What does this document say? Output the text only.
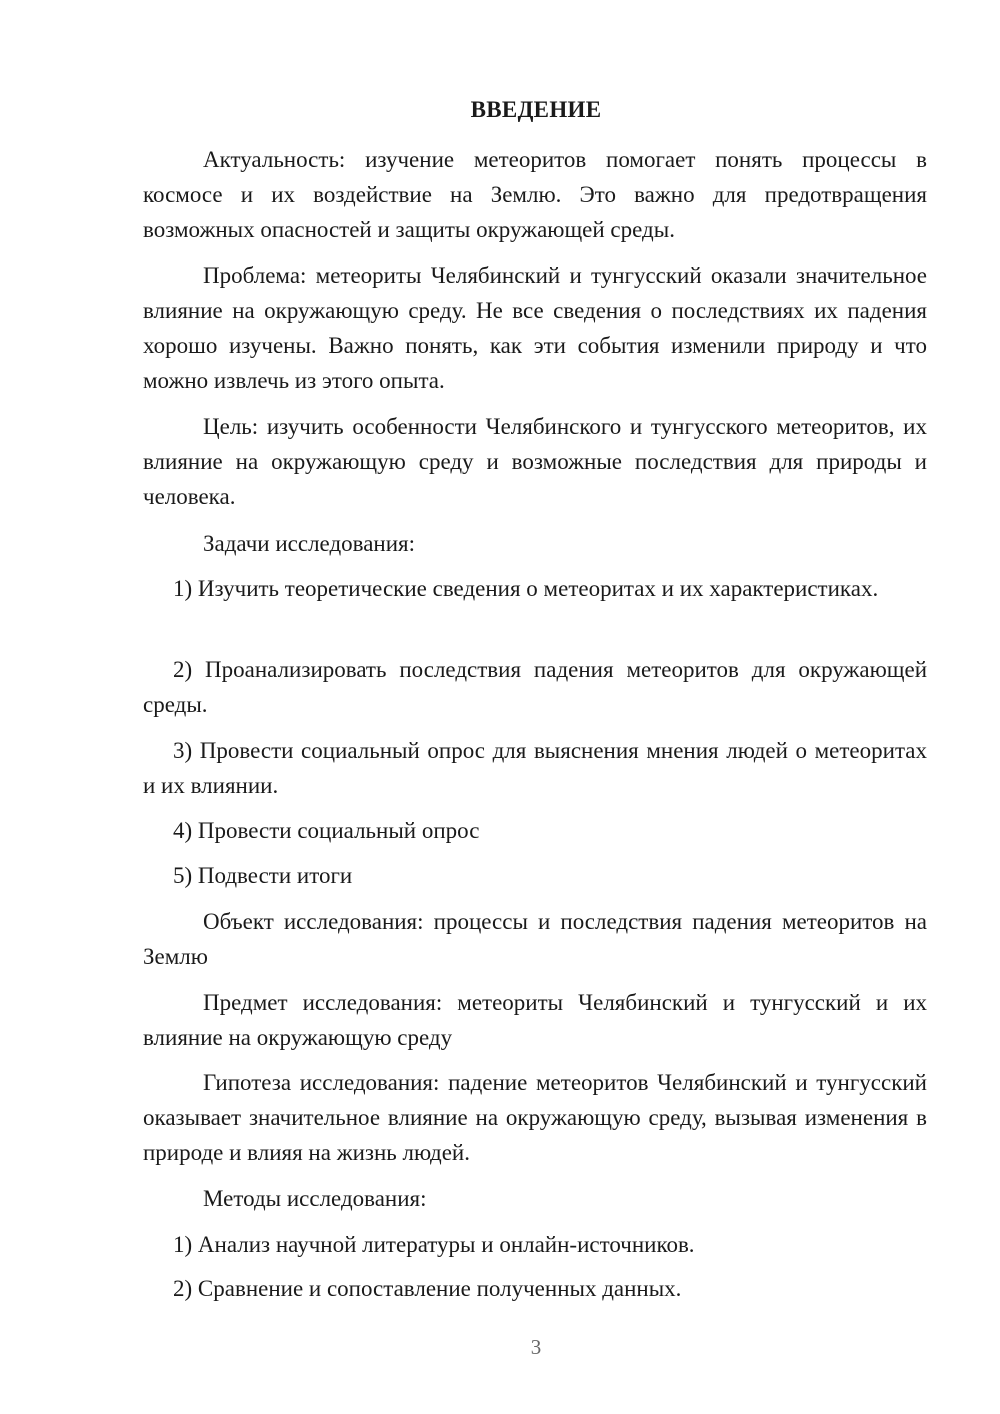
ВВЕДЕНИЕ

Актуальность: изучение метеоритов помогает понять процессы в космосе и их воздействие на Землю. Это важно для предотвращения возможных опасностей и защиты окружающей среды.

Проблема: метеориты Челябинский и тунгусский оказали значительное влияние на окружающую среду. Не все сведения о последствиях их падения хорошо изучены. Важно понять, как эти события изменили природу и что можно извлечь из этого опыта.

Цель: изучить особенности Челябинского и тунгусского метеоритов, их влияние на окружающую среду и возможные последствия для природы и человека.

Задачи исследования:

1) Изучить теоретические сведения о метеоритах и их характеристиках.

2) Проанализировать последствия падения метеоритов для окружающей среды.

3) Провести социальный опрос для выяснения мнения людей о метеоритах и их влиянии.

4) Провести социальный опрос

5) Подвести итоги

Объект исследования: процессы и последствия падения метеоритов на Землю

Предмет исследования: метеориты Челябинский и тунгусский и их влияние на окружающую среду

Гипотеза исследования: падение метеоритов Челябинский и тунгусский оказывает значительное влияние на окружающую среду, вызывая изменения в природе и влияя на жизнь людей.

Методы исследования:

1) Анализ научной литературы и онлайн-источников.

2) Сравнение и сопоставление полученных данных.

3
